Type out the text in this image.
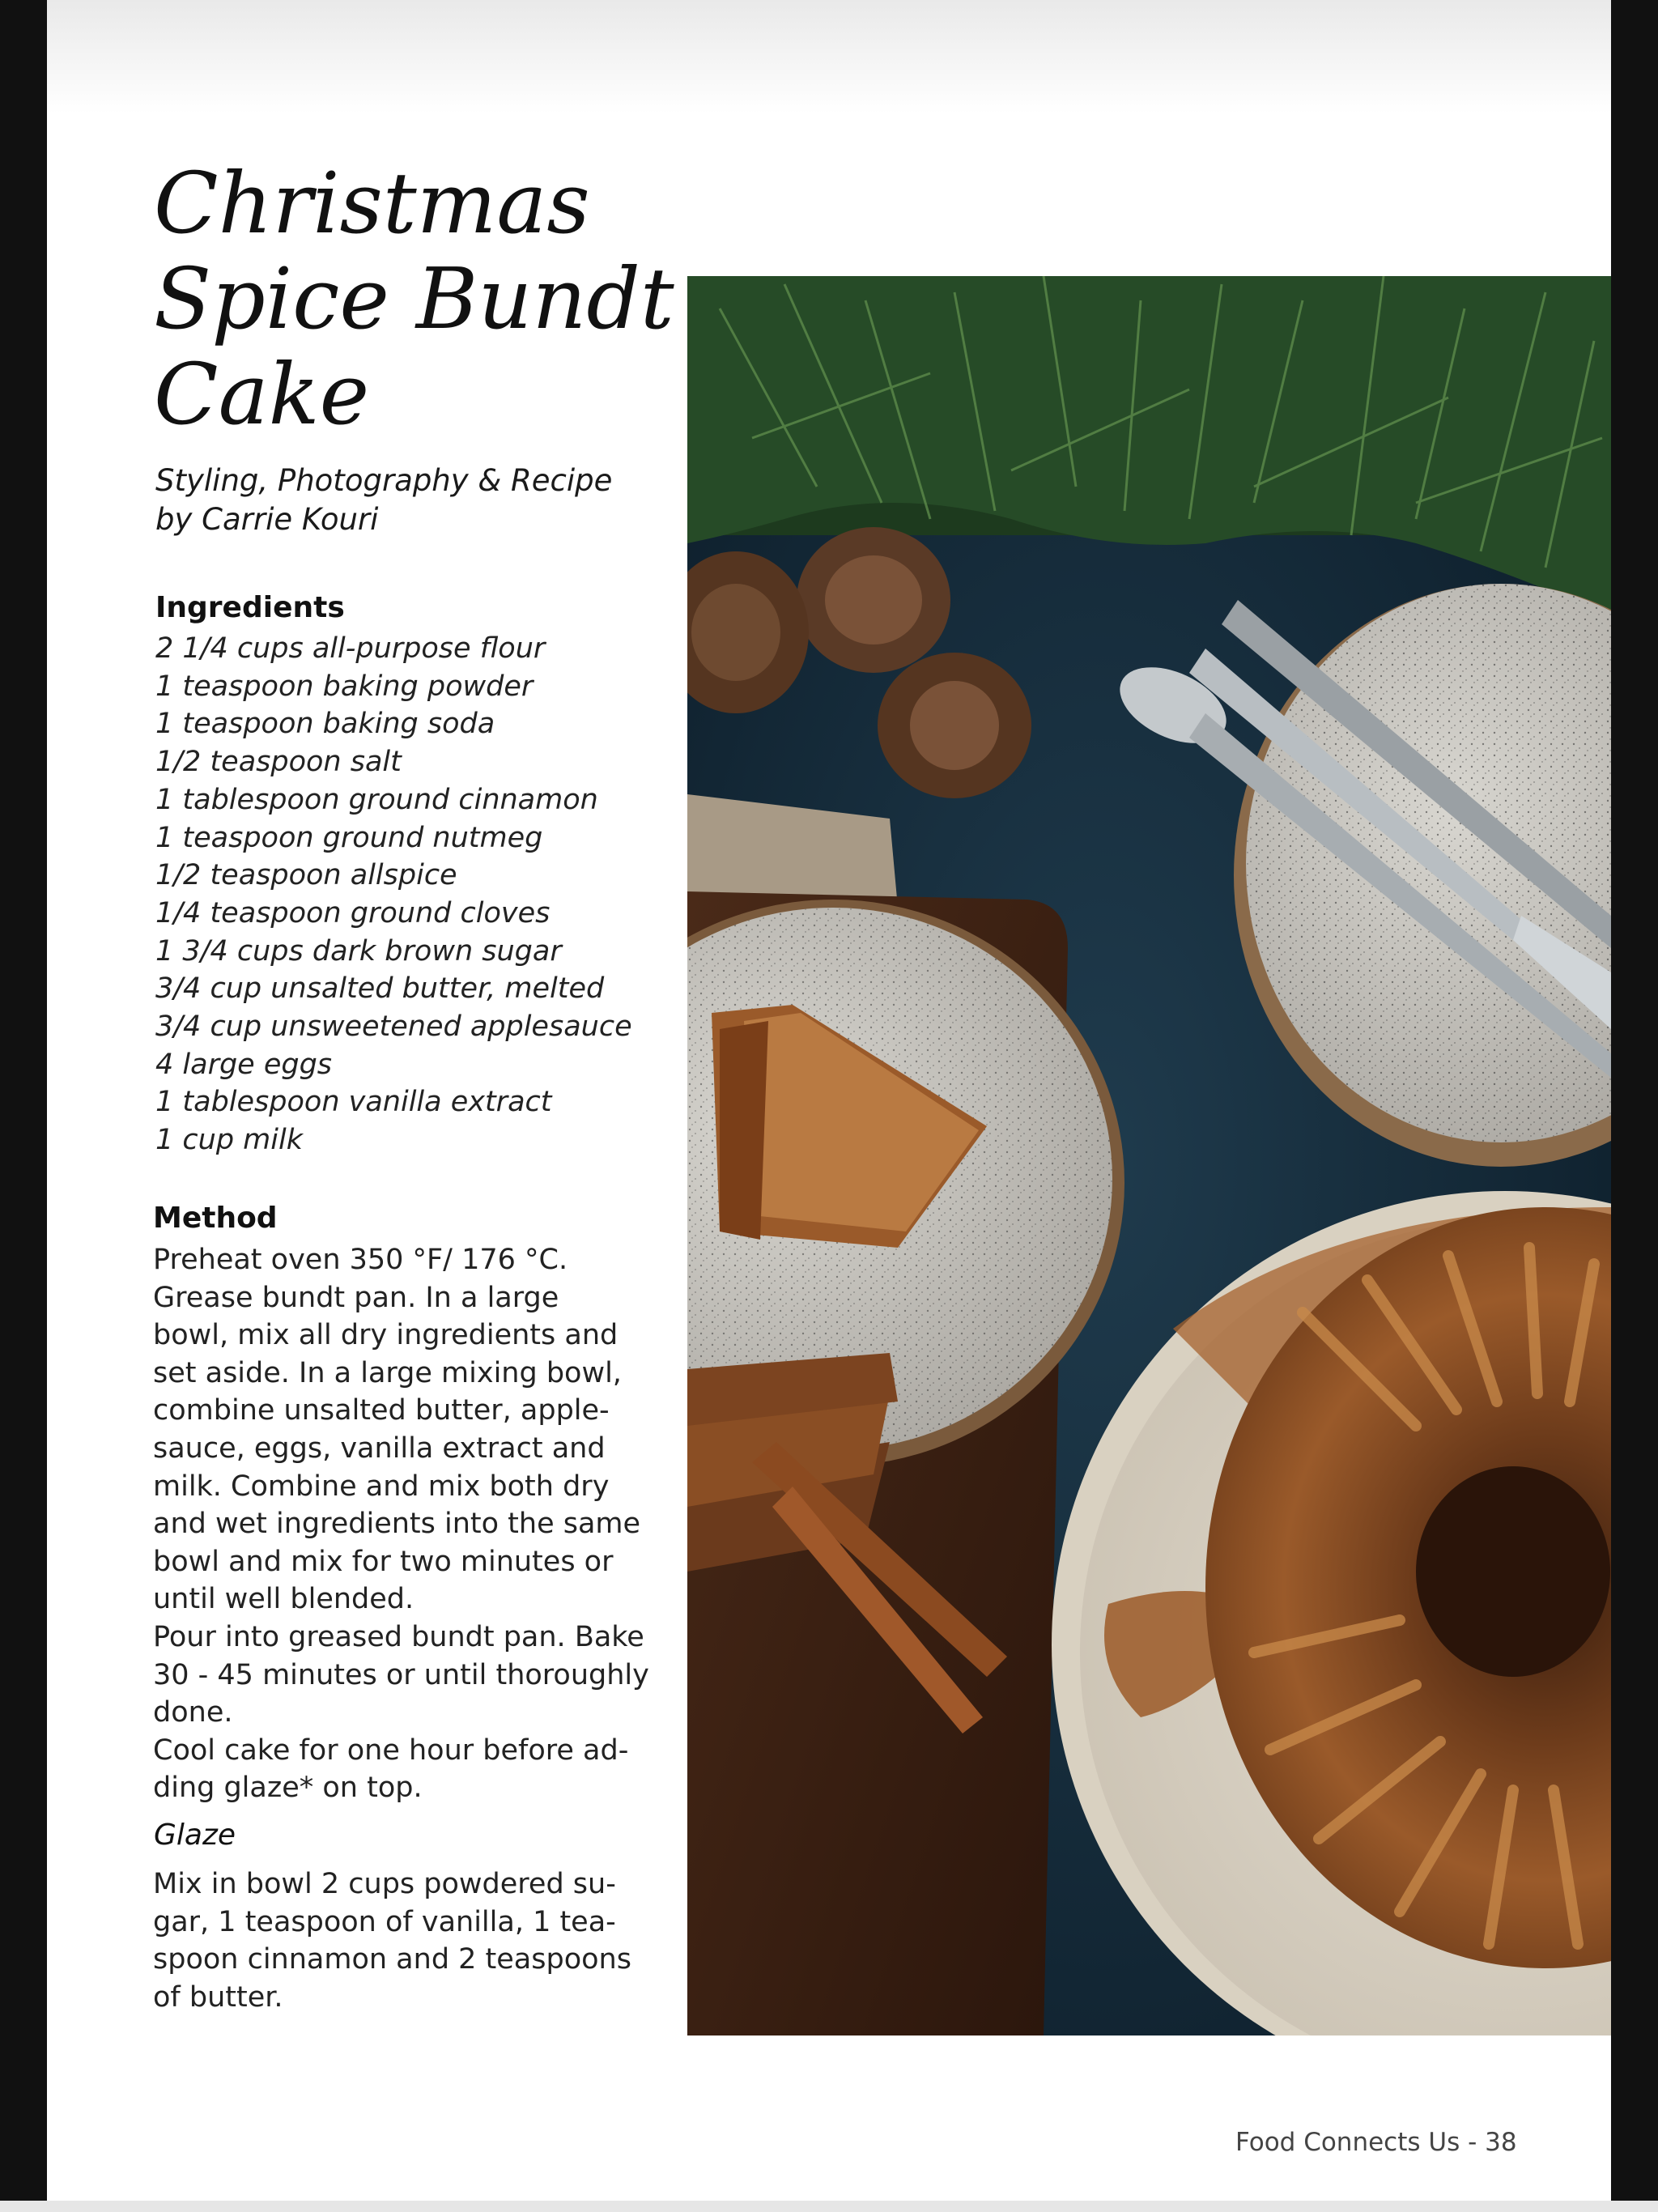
Christmas
Spice Bundt
Cake
Styling, Photography & Recipe
by Carrie Kouri
Ingredients
2 1/4 cups all-purpose flour
1 teaspoon baking powder
1 teaspoon baking soda
1/2 teaspoon salt
1 tablespoon ground cinnamon
1 teaspoon ground nutmeg
1/2 teaspoon allspice
1/4 teaspoon ground cloves
1 3/4 cups dark brown sugar
3/4 cup unsalted butter, melted
3/4 cup unsweetened applesauce
4 large eggs
1 tablespoon vanilla extract
1 cup milk
Method
Preheat oven 350 °F/ 176 °C.
Grease bundt pan. In a large
bowl, mix all dry ingredients and
set aside. In a large mixing bowl,
combine unsalted butter, apple-
sauce, eggs, vanilla extract and
milk. Combine and mix both dry
and wet ingredients into the same
bowl and mix for two minutes or
until well blended.
Pour into greased bundt pan. Bake
30 - 45 minutes or until thoroughly
done.
Cool cake for one hour before ad-
ding glaze* on top.
Glaze
Mix in bowl 2 cups powdered su-
gar, 1 teaspoon of vanilla, 1 tea-
spoon cinnamon and 2 teaspoons
of butter.
Food Connects Us - 38
